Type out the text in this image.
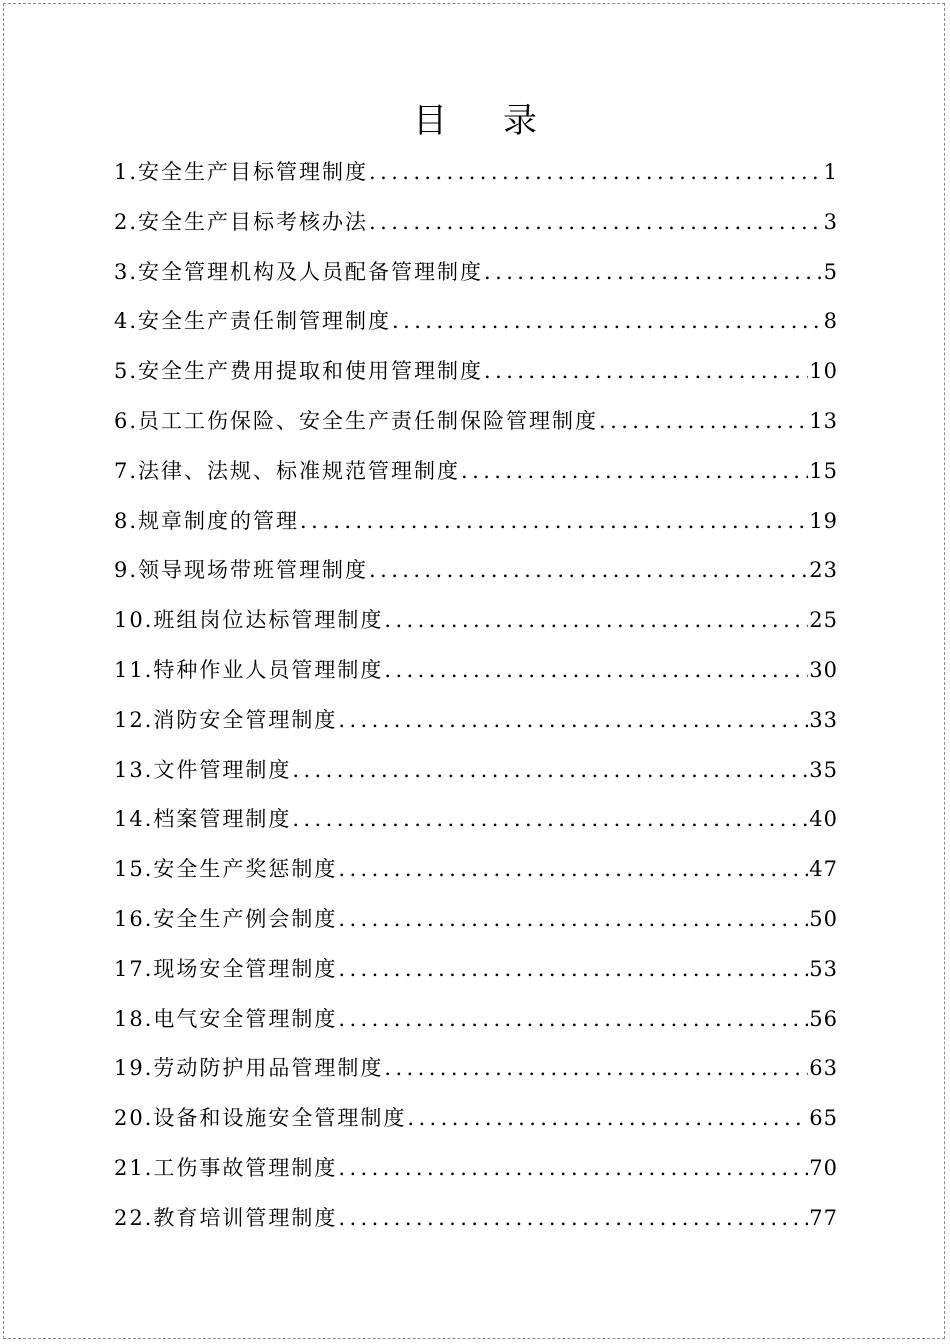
目 录
1.安全生产目标管理制度 .....	1
2.安全生产目标考核办法 .....	3
3.安全管理机构及人员配备管理制度 .....	5
4.安全生产责任制管理制度 .....	8
5.安全生产费用提取和使用管理制度 .....	10
6.员工工伤保险、安全生产责任制保险管理制度 .....	13
7.法律、法规、标准规范管理制度 .....	15
8.规章制度的管理 .....	19
9.领导现场带班管理制度 .....	23
10.班组岗位达标管理制度 .....	25
11.特种作业人员管理制度 .....	30
12.消防安全管理制度 .....	33
13.文件管理制度 .....	35
14.档案管理制度 .....	40
15.安全生产奖惩制度 .....	47
16.安全生产例会制度 .....	50
17.现场安全管理制度 .....	53
18.电气安全管理制度 .....	56
19.劳动防护用品管理制度 .....	63
20.设备和设施安全管理制度 .....	65
21.工伤事故管理制度 .....	70
22.教育培训管理制度 .....	77
